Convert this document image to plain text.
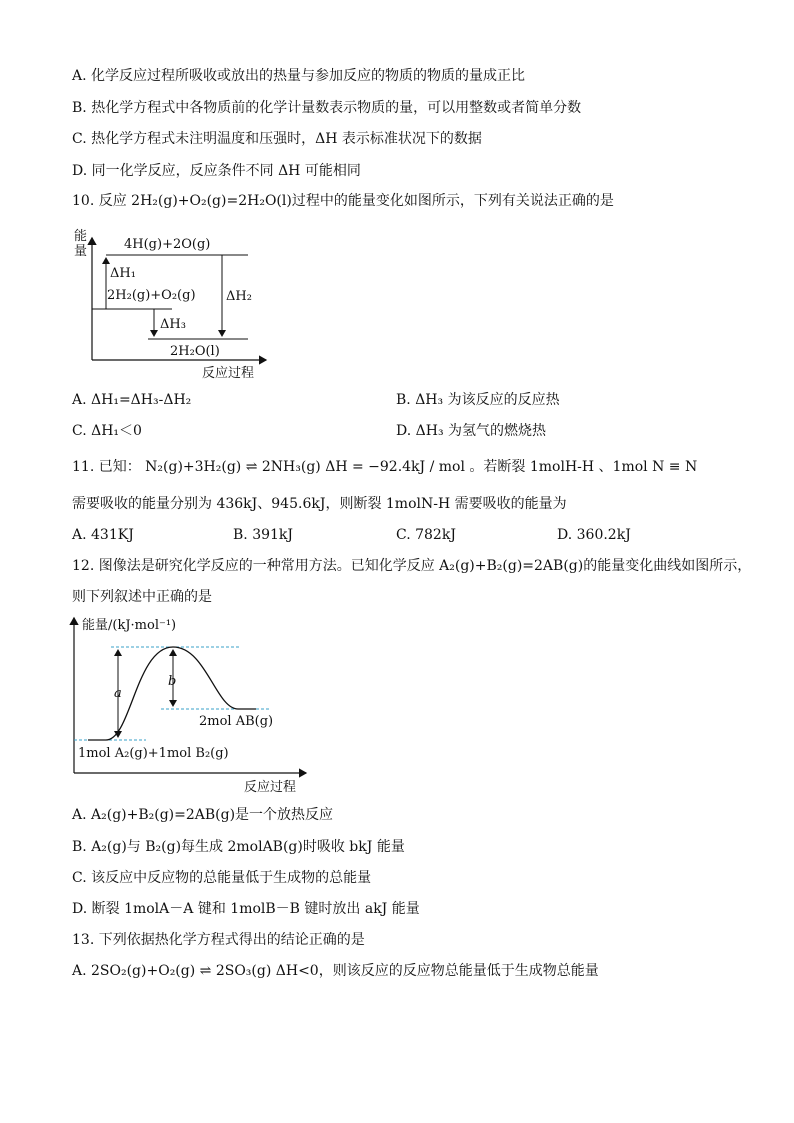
A. 化学反应过程所吸收或放出的热量与参加反应的物质的物质的量成正比
B. 热化学方程式中各物质前的化学计量数表示物质的量，可以用整数或者简单分数
C. 热化学方程式未注明温度和压强时，ΔH 表示标准状况下的数据
D. 同一化学反应，反应条件不同 ΔH 可能相同
10. 反应 2H₂(g)+O₂(g)=2H₂O(l)过程中的能量变化如图所示，下列有关说法正确的是
能
量
反应过程
4H(g)+2O(g)
2H₂(g)+O₂(g)
2H₂O(l)
ΔH₁
ΔH₃
ΔH₂
A. ΔH₁=ΔH₃-ΔH₂	B. ΔH₃ 为该反应的反应热
C. ΔH₁＜0	D. ΔH₃ 为氢气的燃烧热
11. 已知： N₂(g)+3H₂(g) ⇌ 2NH₃(g) ΔH = −92.4kJ / mol 。若断裂 1molH-H 、1mol N ≡ N
需要吸收的能量分别为 436kJ、945.6kJ，则断裂 1molN-H 需要吸收的能量为
A. 431KJ	B. 391kJ	C. 782kJ	D. 360.2kJ
12. 图像法是研究化学反应的一种常用方法。已知化学反应 A₂(g)+B₂(g)=2AB(g)的能量变化曲线如图所示，
则下列叙述中正确的是
能量/(kJ·mol⁻¹)
反应过程
a
b
2mol AB(g)
1mol A₂(g)+1mol B₂(g)
A. A₂(g)+B₂(g)=2AB(g)是一个放热反应
B. A₂(g)与 B₂(g)每生成 2molAB(g)时吸收 bkJ 能量
C. 该反应中反应物的总能量低于生成物的总能量
D. 断裂 1molA－A 键和 1molB－B 键时放出 akJ 能量
13. 下列依据热化学方程式得出的结论正确的是
A. 2SO₂(g)+O₂(g) ⇌ 2SO₃(g) ΔH<0，则该反应的反应物总能量低于生成物总能量
